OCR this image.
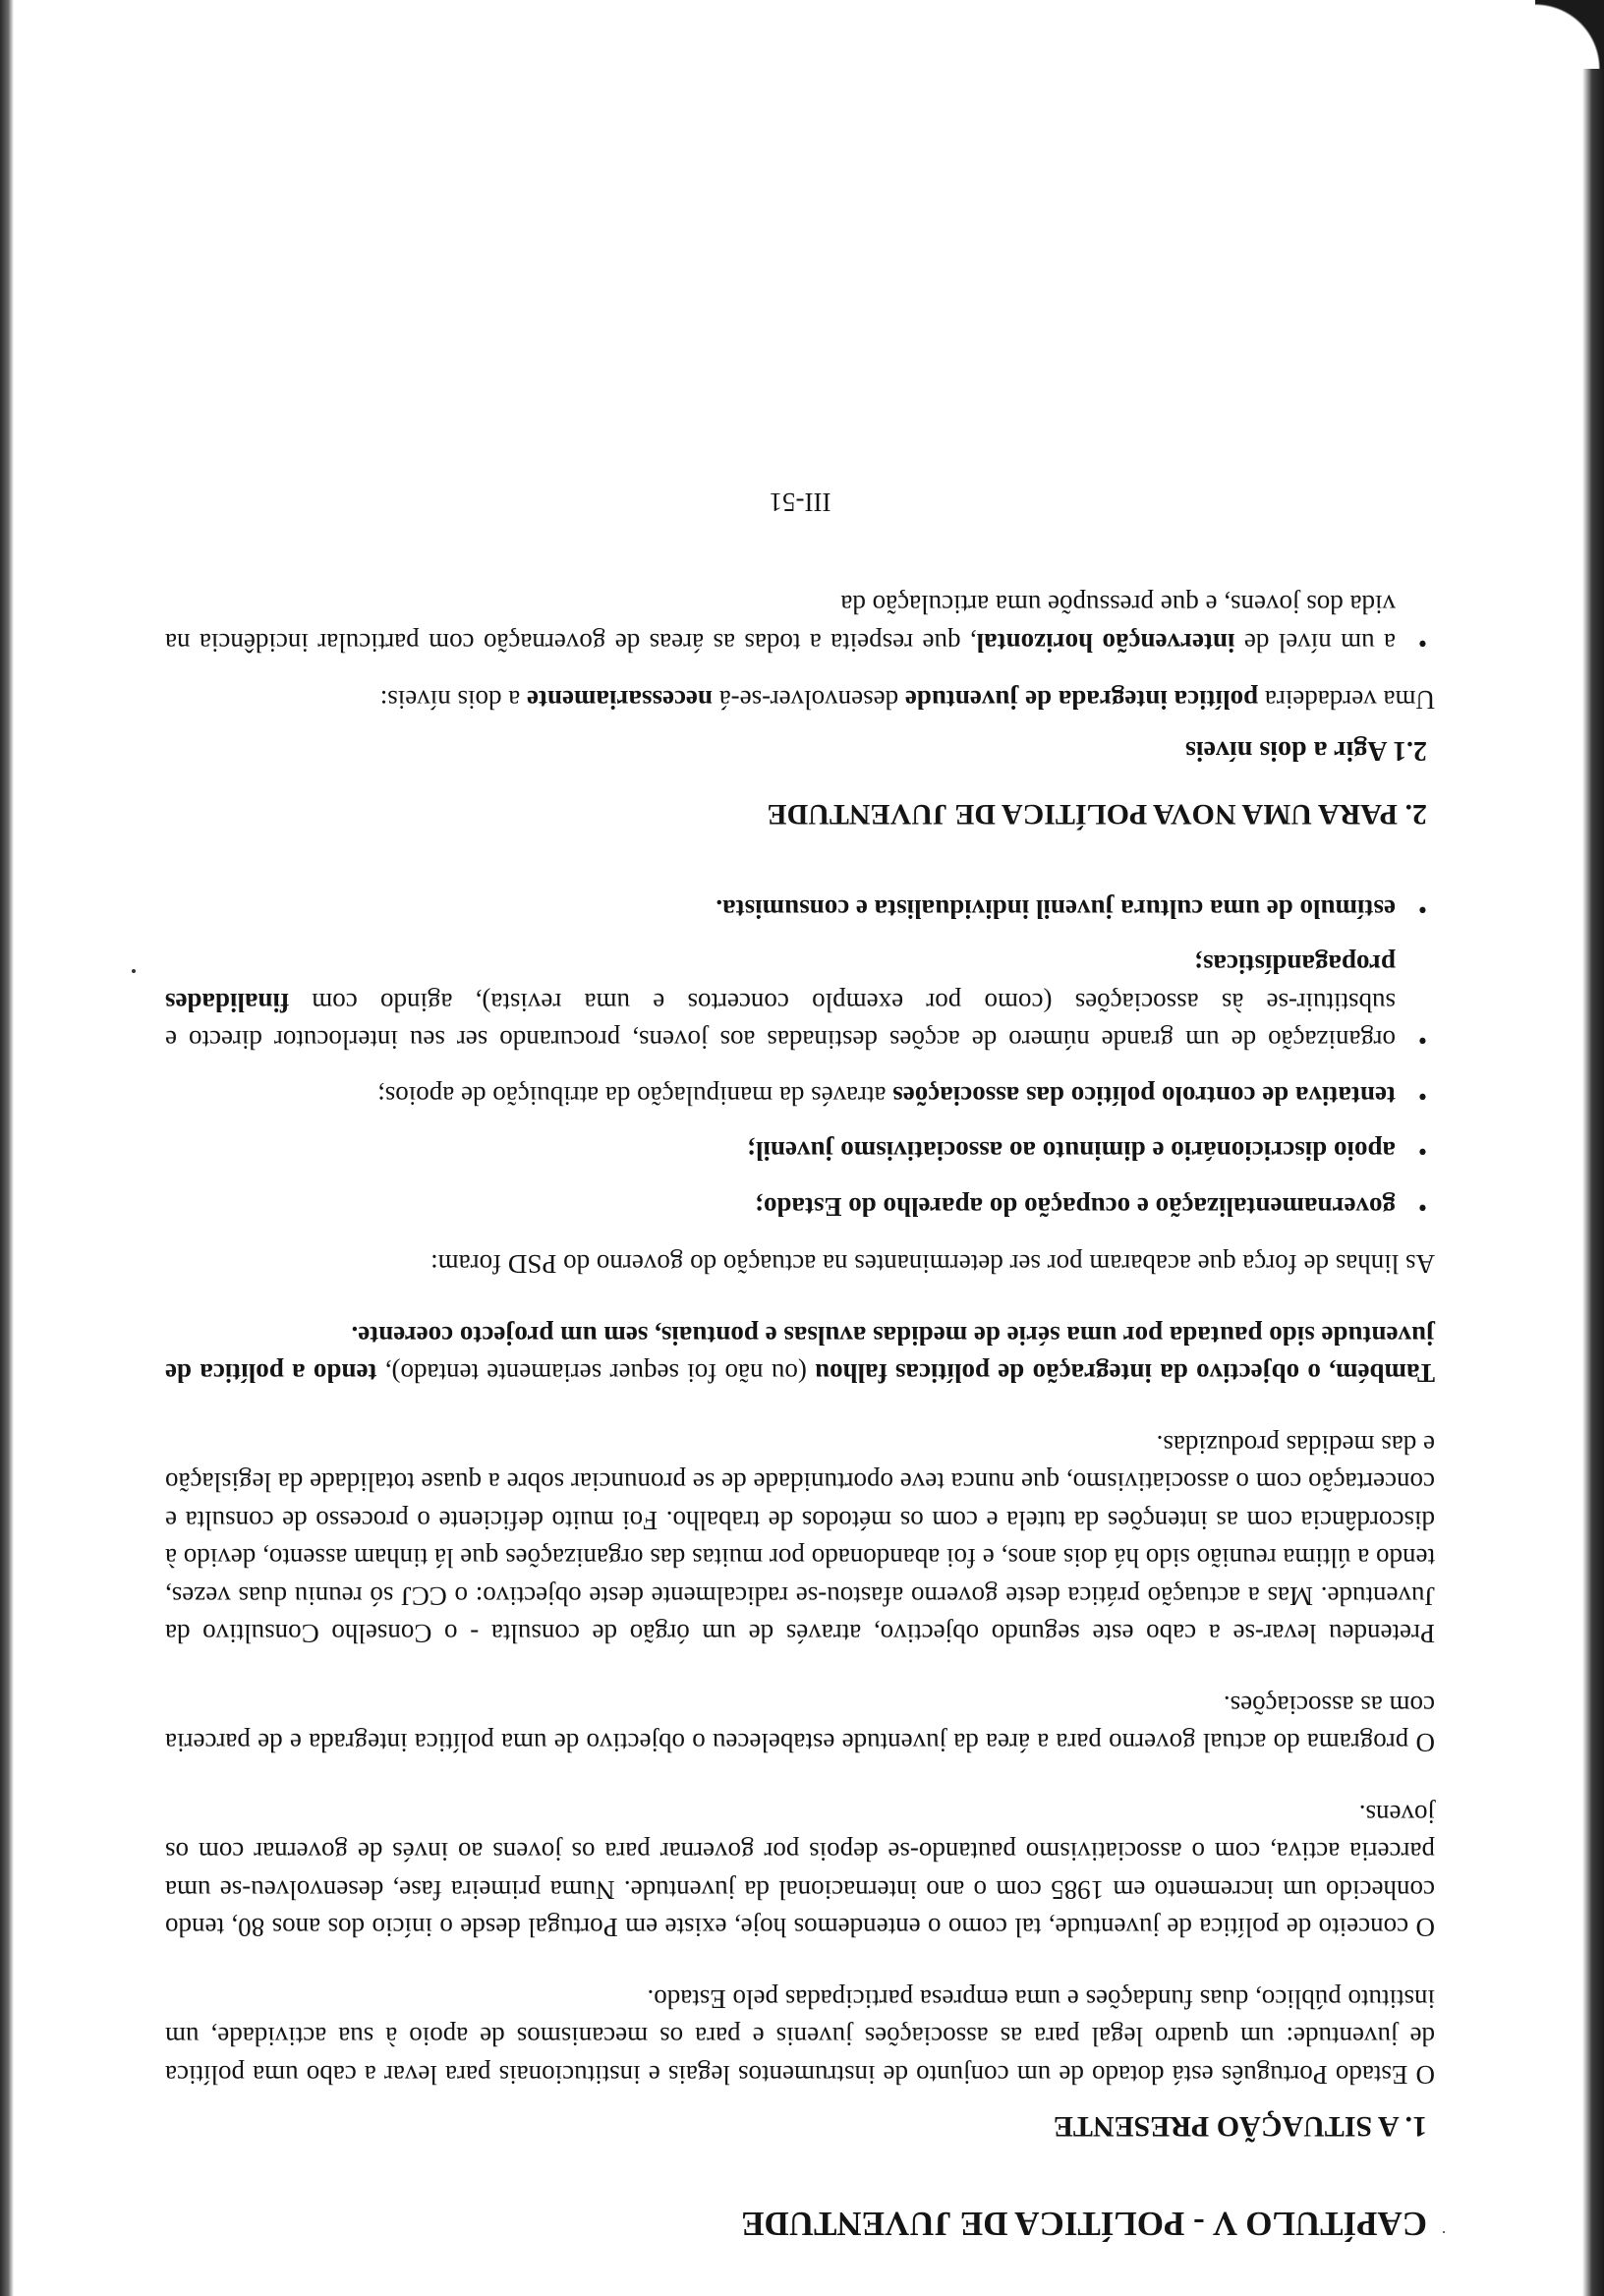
CAPÍTULO V - POLÍTICA DE JUVENTUDE
1. A SITUAÇÃO PRESENTE

O Estado Português está dotado de um conjunto de instrumentos legais e institucionais para levar a cabo uma política de juventude: um quadro legal para as associações juvenis e para os mecanismos de apoio à sua actividade, um instituto público, duas fundações e uma empresa participadas pelo Estado.

O conceito de política de juventude, tal como o entendemos hoje, existe em Portugal desde o início dos anos 80, tendo conhecido um incremento em 1985 com o ano internacional da juventude. Numa primeira fase, desenvolveu-se uma parceria activa, com o associativismo pautando-se depois por governar para os jovens ao invés de governar com os jovens.

O programa do actual governo para a área da juventude estabeleceu o objectivo de uma política integrada e de parceria com as associações.

Pretendeu levar-se a cabo este segundo objectivo, através de um órgão de consulta - o Conselho Consultivo da Juventude. Mas a actuação prática deste governo afastou-se radicalmente deste objectivo: o CCJ só reuniu duas vezes, tendo a última reunião sido há dois anos, e foi abandonado por muitas das organizações que lá tinham assento, devido à discordância com as intenções da tutela e com os métodos de trabalho. Foi muito deficiente o processo de consulta e concertação com o associativismo, que nunca teve oportunidade de se pronunciar sobre a quase totalidade da legislação e das medidas produzidas.

Também, o objectivo da integração de políticas falhou (ou não foi sequer seriamente tentado), tendo a política de juventude sido pautada por uma série de medidas avulsas e pontuais, sem um projecto coerente.

As linhas de força que acabaram por ser determinantes na actuação do governo do PSD foram:

• governamentalização e ocupação do aparelho do Estado;
• apoio discricionário e diminuto ao associativismo juvenil;
• tentativa de controlo político das associações através da manipulação da atribuição de apoios;
• organização de um grande número de acções destinadas aos jovens, procurando ser seu interlocutor directo e substituir-se às associações (como por exemplo concertos e uma revista), agindo com finalidades propagandísticas;
• estímulo de uma cultura juvenil individualista e consumista.
2. PARA UMA NOVA POLÍTICA DE JUVENTUDE
2.1 Agir a dois níveis

Uma verdadeira política integrada de juventude desenvolver-se-á necessariamente a dois níveis:

• a um nível de intervenção horizontal, que respeita a todas as áreas de governação com particular incidência na vida dos jovens, e que pressupõe uma articulação da
III-51
